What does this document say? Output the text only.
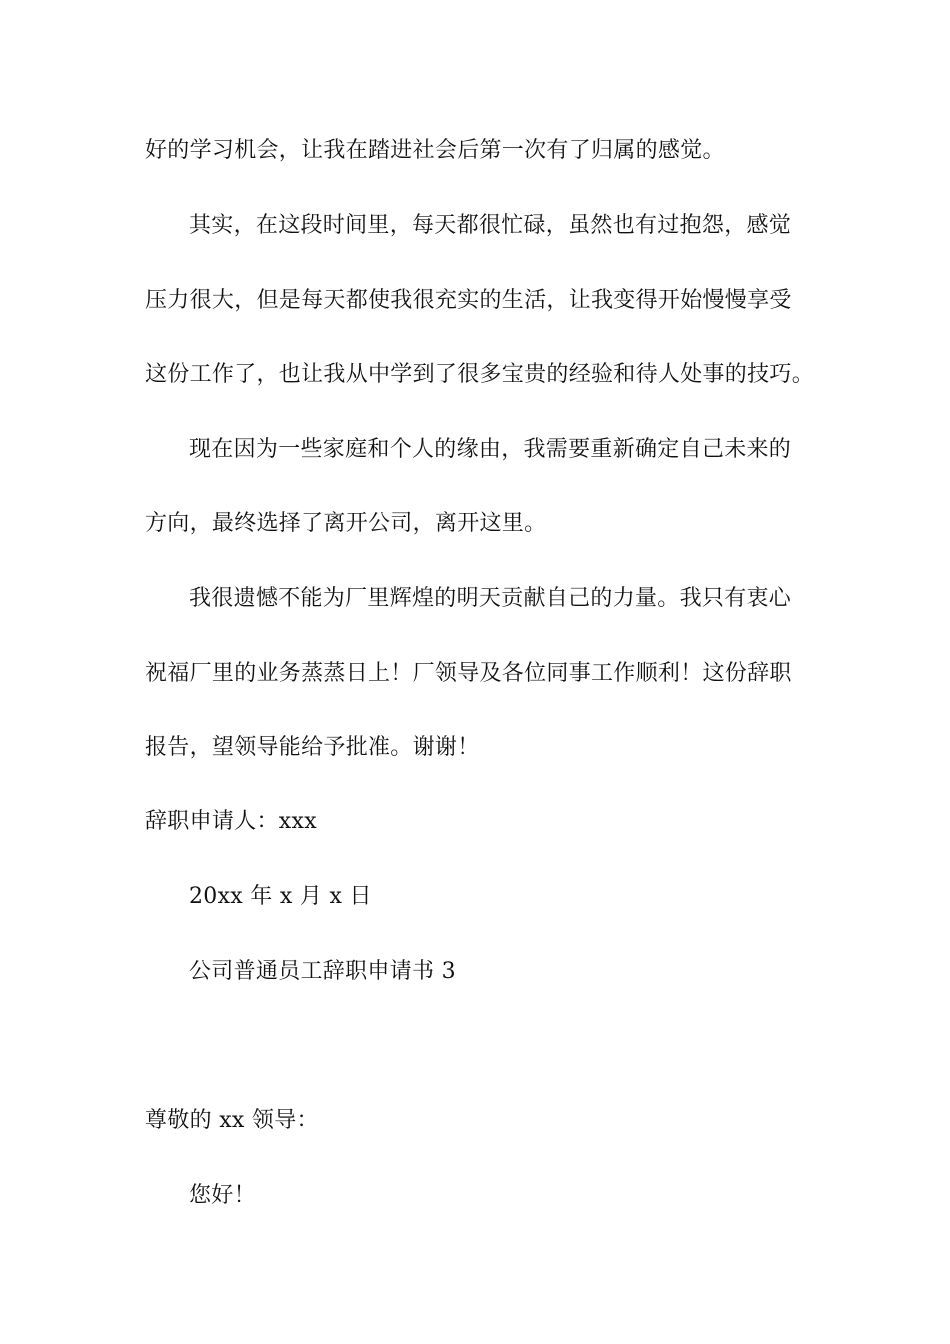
好的学习机会，让我在踏进社会后第一次有了归属的感觉。
其实，在这段时间里，每天都很忙碌，虽然也有过抱怨，感觉
压力很大，但是每天都使我很充实的生活，让我变得开始慢慢享受
这份工作了，也让我从中学到了很多宝贵的经验和待人处事的技巧。
现在因为一些家庭和个人的缘由，我需要重新确定自己未来的
方向，最终选择了离开公司，离开这里。
我很遗憾不能为厂里辉煌的明天贡献自己的力量。我只有衷心
祝福厂里的业务蒸蒸日上！厂领导及各位同事工作顺利！这份辞职
报告，望领导能给予批准。谢谢！
辞职申请人：xxx
20xx 年 x 月 x 日
公司普通员工辞职申请书 3
尊敬的 xx 领导：
您好！
